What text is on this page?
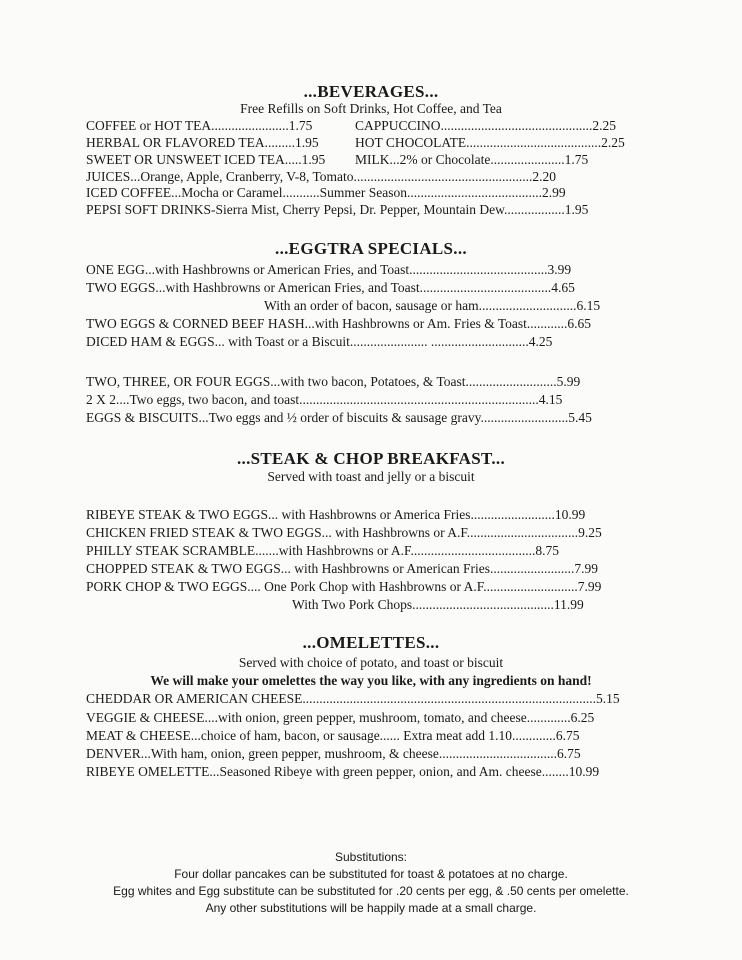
...BEVERAGES...
Free Refills on Soft Drinks, Hot Coffee, and Tea
COFFEE or HOT TEA.......................1.75	CAPPUCCINO.............................................2.25
HERBAL OR FLAVORED TEA.........1.95	HOT CHOCOLATE........................................2.25
SWEET OR UNSWEET ICED TEA.....1.95 MILK...2% or Chocolate......................1.75
JUICES...Orange, Apple, Cranberry, V-8, Tomato.....................................................2.20
ICED COFFEE...Mocha or Caramel...........Summer Season........................................2.99
PEPSI SOFT DRINKS-Sierra Mist, Cherry Pepsi, Dr. Pepper, Mountain Dew..................1.95
...EGGTRA SPECIALS...
ONE EGG...with Hashbrowns or American Fries, and Toast.........................................3.99
TWO EGGS...with Hashbrowns or American Fries, and Toast.......................................4.65
With an order of bacon, sausage or ham.............................6.15
TWO EGGS & CORNED BEEF HASH...with Hashbrowns or Am. Fries & Toast............6.65
DICED HAM & EGGS... with Toast or a Biscuit....................... .............................4.25
TWO, THREE, OR FOUR EGGS...with two bacon, Potatoes, & Toast...........................5.99
2 X 2....Two eggs, two bacon, and toast.......................................................................4.15
EGGS & BISCUITS...Two eggs and ½ order of biscuits & sausage gravy..........................5.45
...STEAK & CHOP BREAKFAST...
Served with toast and jelly or a biscuit
RIBEYE STEAK & TWO EGGS... with Hashbrowns or America Fries.........................10.99
CHICKEN FRIED STEAK & TWO EGGS... with Hashbrowns or A.F.................................9.25
PHILLY STEAK SCRAMBLE.......with Hashbrowns or A.F.....................................8.75
CHOPPED STEAK & TWO EGGS... with Hashbrowns or American Fries.........................7.99
PORK CHOP & TWO EGGS.... One Pork Chop with Hashbrowns or A.F............................7.99
With Two Pork Chops..........................................11.99
...OMELETTES...
Served with choice of potato, and toast or biscuit
We will make your omelettes the way you like, with any ingredients on hand!
CHEDDAR OR AMERICAN CHEESE.......................................................................................5.15
VEGGIE & CHEESE....with onion, green pepper, mushroom, tomato, and cheese.............6.25
MEAT & CHEESE...choice of ham, bacon, or sausage...... Extra meat add 1.10.............6.75
DENVER...With ham, onion, green pepper, mushroom, & cheese...................................6.75
RIBEYE OMELETTE...Seasoned Ribeye with green pepper, onion, and Am. cheese........10.99
Substitutions:
Four dollar pancakes can be substituted for toast & potatoes at no charge.
Egg whites and Egg substitute can be substituted for .20 cents per egg, & .50 cents per omelette.
Any other substitutions will be happily made at a small charge.
